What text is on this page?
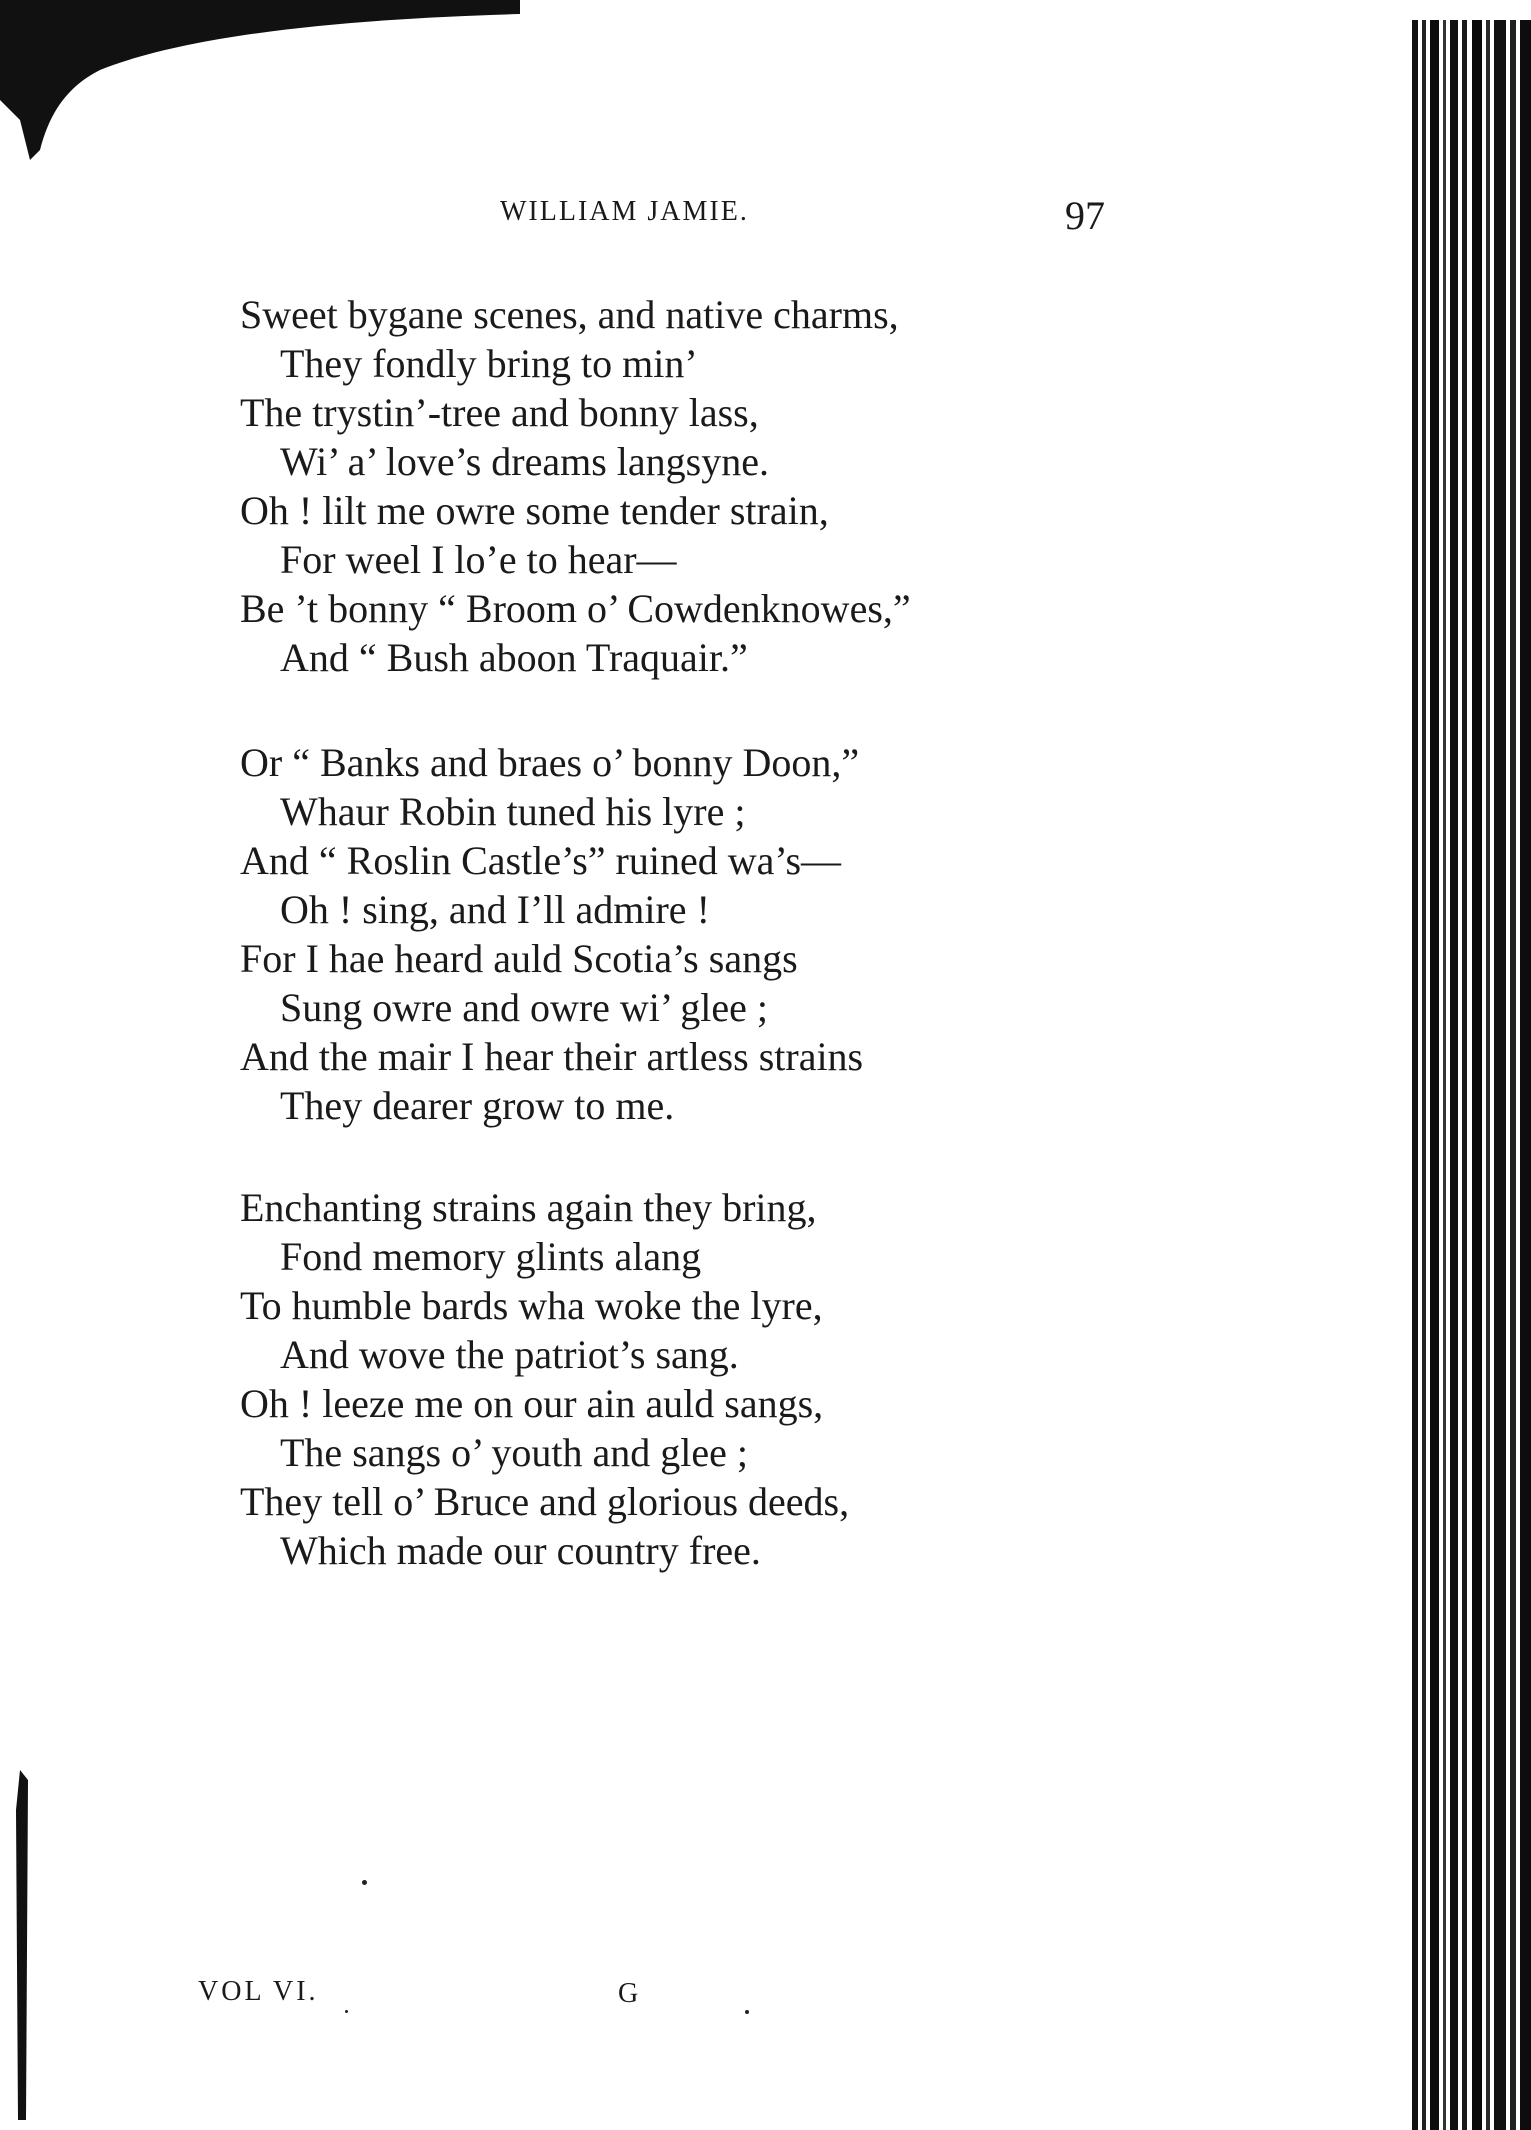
WILLIAM JAMIE.	97
Sweet bygane scenes, and native charms,
They fondly bring to min’
The trystin’-tree and bonny lass,
Wi’ a’ love’s dreams langsyne.
Oh ! lilt me owre some tender strain,
For weel I lo’e to hear—
Be ’t bonny “ Broom o’ Cowdenknowes,”
And “ Bush aboon Traquair.”
Or “ Banks and braes o’ bonny Doon,”
Whaur Robin tuned his lyre ;
And “ Roslin Castle’s” ruined wa’s—
Oh ! sing, and I’ll admire !
For I hae heard auld Scotia’s sangs
Sung owre and owre wi’ glee ;
And the mair I hear their artless strains
They dearer grow to me.
Enchanting strains again they bring,
Fond memory glints alang
To humble bards wha woke the lyre,
And wove the patriot’s sang.
Oh ! leeze me on our ain auld sangs,
The sangs o’ youth and glee ;
They tell o’ Bruce and glorious deeds,
Which made our country free.
VOL VI.	G
